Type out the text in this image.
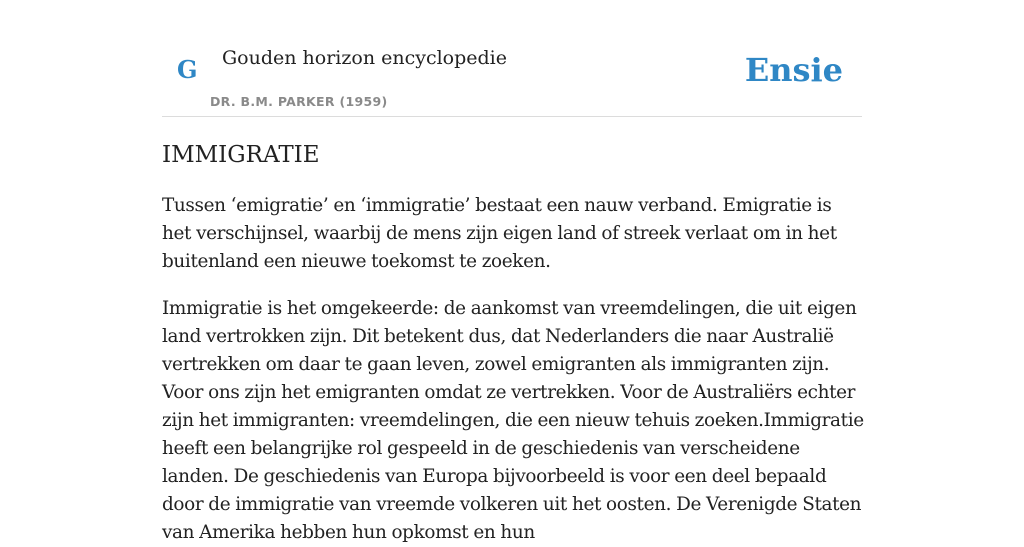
G Gouden horizon encyclopedie
DR. B.M. PARKER (1959)
Ensie
IMMIGRATIE

Tussen ‘emigratie’ en ‘immigratie’ bestaat een nauw verband. Emigratie is het verschijnsel, waarbij de mens zijn eigen land of streek verlaat om in het buitenland een nieuwe toekomst te zoeken.

Immigratie is het omgekeerde: de aankomst van vreemdelingen, die uit eigen land vertrokken zijn. Dit betekent dus, dat Nederlanders die naar Australië vertrekken om daar te gaan leven, zowel emigranten als immigranten zijn. Voor ons zijn het emigranten omdat ze vertrekken. Voor de Australiërs echter zijn het immigranten: vreemdelingen, die een nieuw tehuis zoeken.Immigratie heeft een belangrijke rol gespeeld in de geschiedenis van verscheidene landen. De geschiedenis van Europa bijvoorbeeld is voor een deel bepaald door de immigratie van vreemde volkeren uit het oosten. De Verenigde Staten van Amerika hebben hun opkomst en hun
